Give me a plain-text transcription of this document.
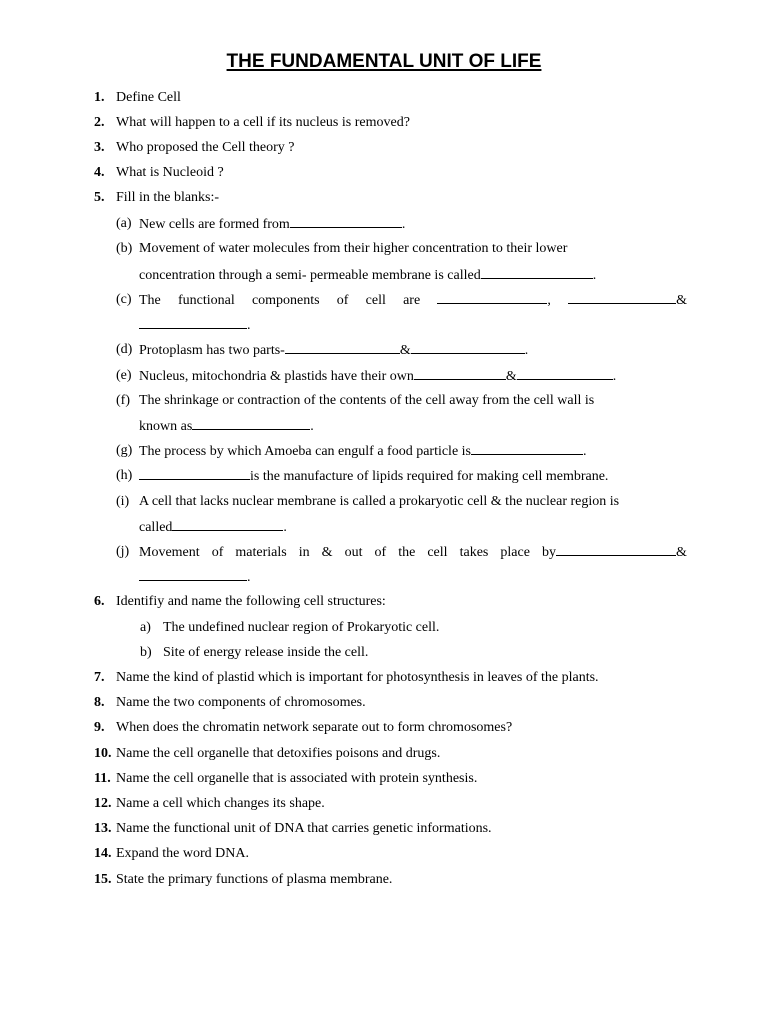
THE FUNDAMENTAL UNIT OF LIFE
1. Define Cell
2. What will happen to a cell if its nucleus is removed?
3. Who proposed the Cell theory ?
4. What is Nucleoid ?
5. Fill in the blanks:-
(a) New cells are formed from	.
(b) Movement of water molecules from their higher concentration to their lower
concentration through a semi- permeable membrane is called	.
(c) The functional components of cell are	,	&
.
(d) Protoplasm has two parts-	&	.
(e) Nucleus, mitochondria & plastids have their own	&	.
(f) The shrinkage or contraction of the contents of the cell away from the cell wall is
known as	.
(g) The process by which Amoeba can engulf a food particle is	.
(h)	is the manufacture of lipids required for making cell membrane.
(i) A cell that lacks nuclear membrane is called a prokaryotic cell & the nuclear region is
called	.
(j) Movement of materials in & out of the cell takes place by	&
.
6. Identifiy and name the following cell structures:
a) The undefined nuclear region of Prokaryotic cell.
b) Site of energy release inside the cell.
7. Name the kind of plastid which is important for photosynthesis in leaves of the plants.
8. Name the two components of chromosomes.
9. When does the chromatin network separate out to form chromosomes?
10. Name the cell organelle that detoxifies poisons and drugs.
11. Name the cell organelle that is associated with protein synthesis.
12. Name a cell which changes its shape.
13. Name the functional unit of DNA that carries genetic informations.
14. Expand the word DNA.
15. State the primary functions of plasma membrane.
